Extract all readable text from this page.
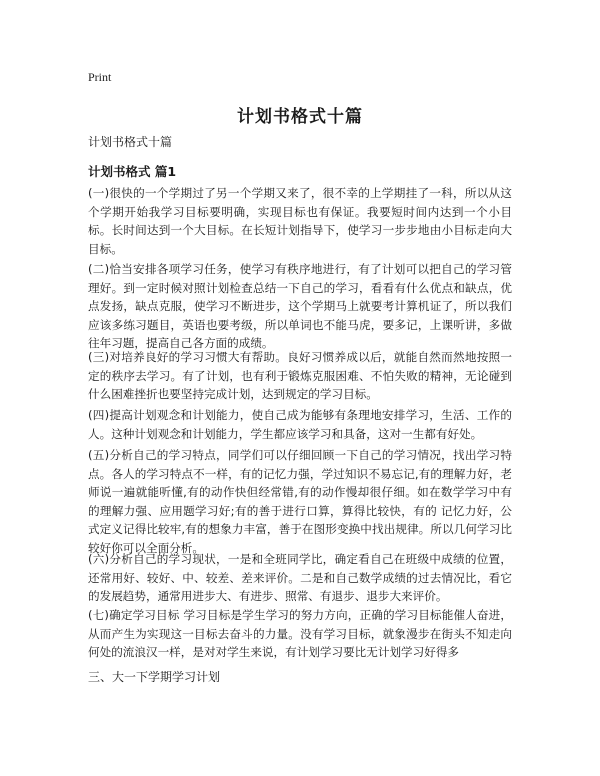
Print
计划书格式十篇
计划书格式十篇
计划书格式 篇1

(一)很快的一个学期过了另一个学期又来了，很不幸的上学期挂了一科，所以从这个学期开始我学习目标要明确，实现目标也有保证。我要短时间内达到一个小目标。长时间达到一个大目标。在长短计划指导下，使学习一步步地由小目标走向大目标。

(二)恰当安排各项学习任务，使学习有秩序地进行，有了计划可以把自己的学习管理好。到一定时候对照计划检查总结一下自己的学习，看看有什么优点和缺点，优点发扬，缺点克服，使学习不断进步，这个学期马上就要考计算机证了，所以我们应该多练习题目，英语也要考级，所以单词也不能马虎，要多记，上课听讲，多做往年习题，提高自己各方面的成绩。

(三)对培养良好的学习习惯大有帮助。良好习惯养成以后，就能自然而然地按照一定的秩序去学习。有了计划，也有利于锻炼克服困难、不怕失败的精神，无论碰到什么困难挫折也要坚持完成计划，达到规定的学习目标。

(四)提高计划观念和计划能力，使自己成为能够有条理地安排学习，生活、工作的人。这种计划观念和计划能力，学生都应该学习和具备，这对一生都有好处。

(五)分析自己的学习特点，同学们可以仔细回顾一下自己的学习情况，找出学习特点。各人的学习特点不一样，有的记忆力强，学过知识不易忘记,有的理解力好，老师说一遍就能听懂,有的动作快但经常错,有的动作慢却很仔细。如在数学学习中有的理解力强、应用题学习好;有的善于进行口算，算得比较快，有的 记忆力好，公式定义记得比较牢,有的想象力丰富，善于在图形变换中找出规律。所以几何学习比较好你可以全面分析。

(六)分析自己的学习现状，一是和全班同学比，确定看自己在班级中成绩的位置，还常用好、较好、中、较差、差来评价。二是和自己数学成绩的过去情况比，看它的发展趋势，通常用进步大、有进步、照常、有退步、退步大来评价。

(七)确定学习目标 学习目标是学生学习的努力方向，正确的学习目标能催人奋进，从而产生为实现这一目标去奋斗的力量。没有学习目标，就象漫步在街头不知走向何处的流浪汉一样，是对对学生来说，有计划学习要比无计划学习好得多

三、大一下学期学习计划
